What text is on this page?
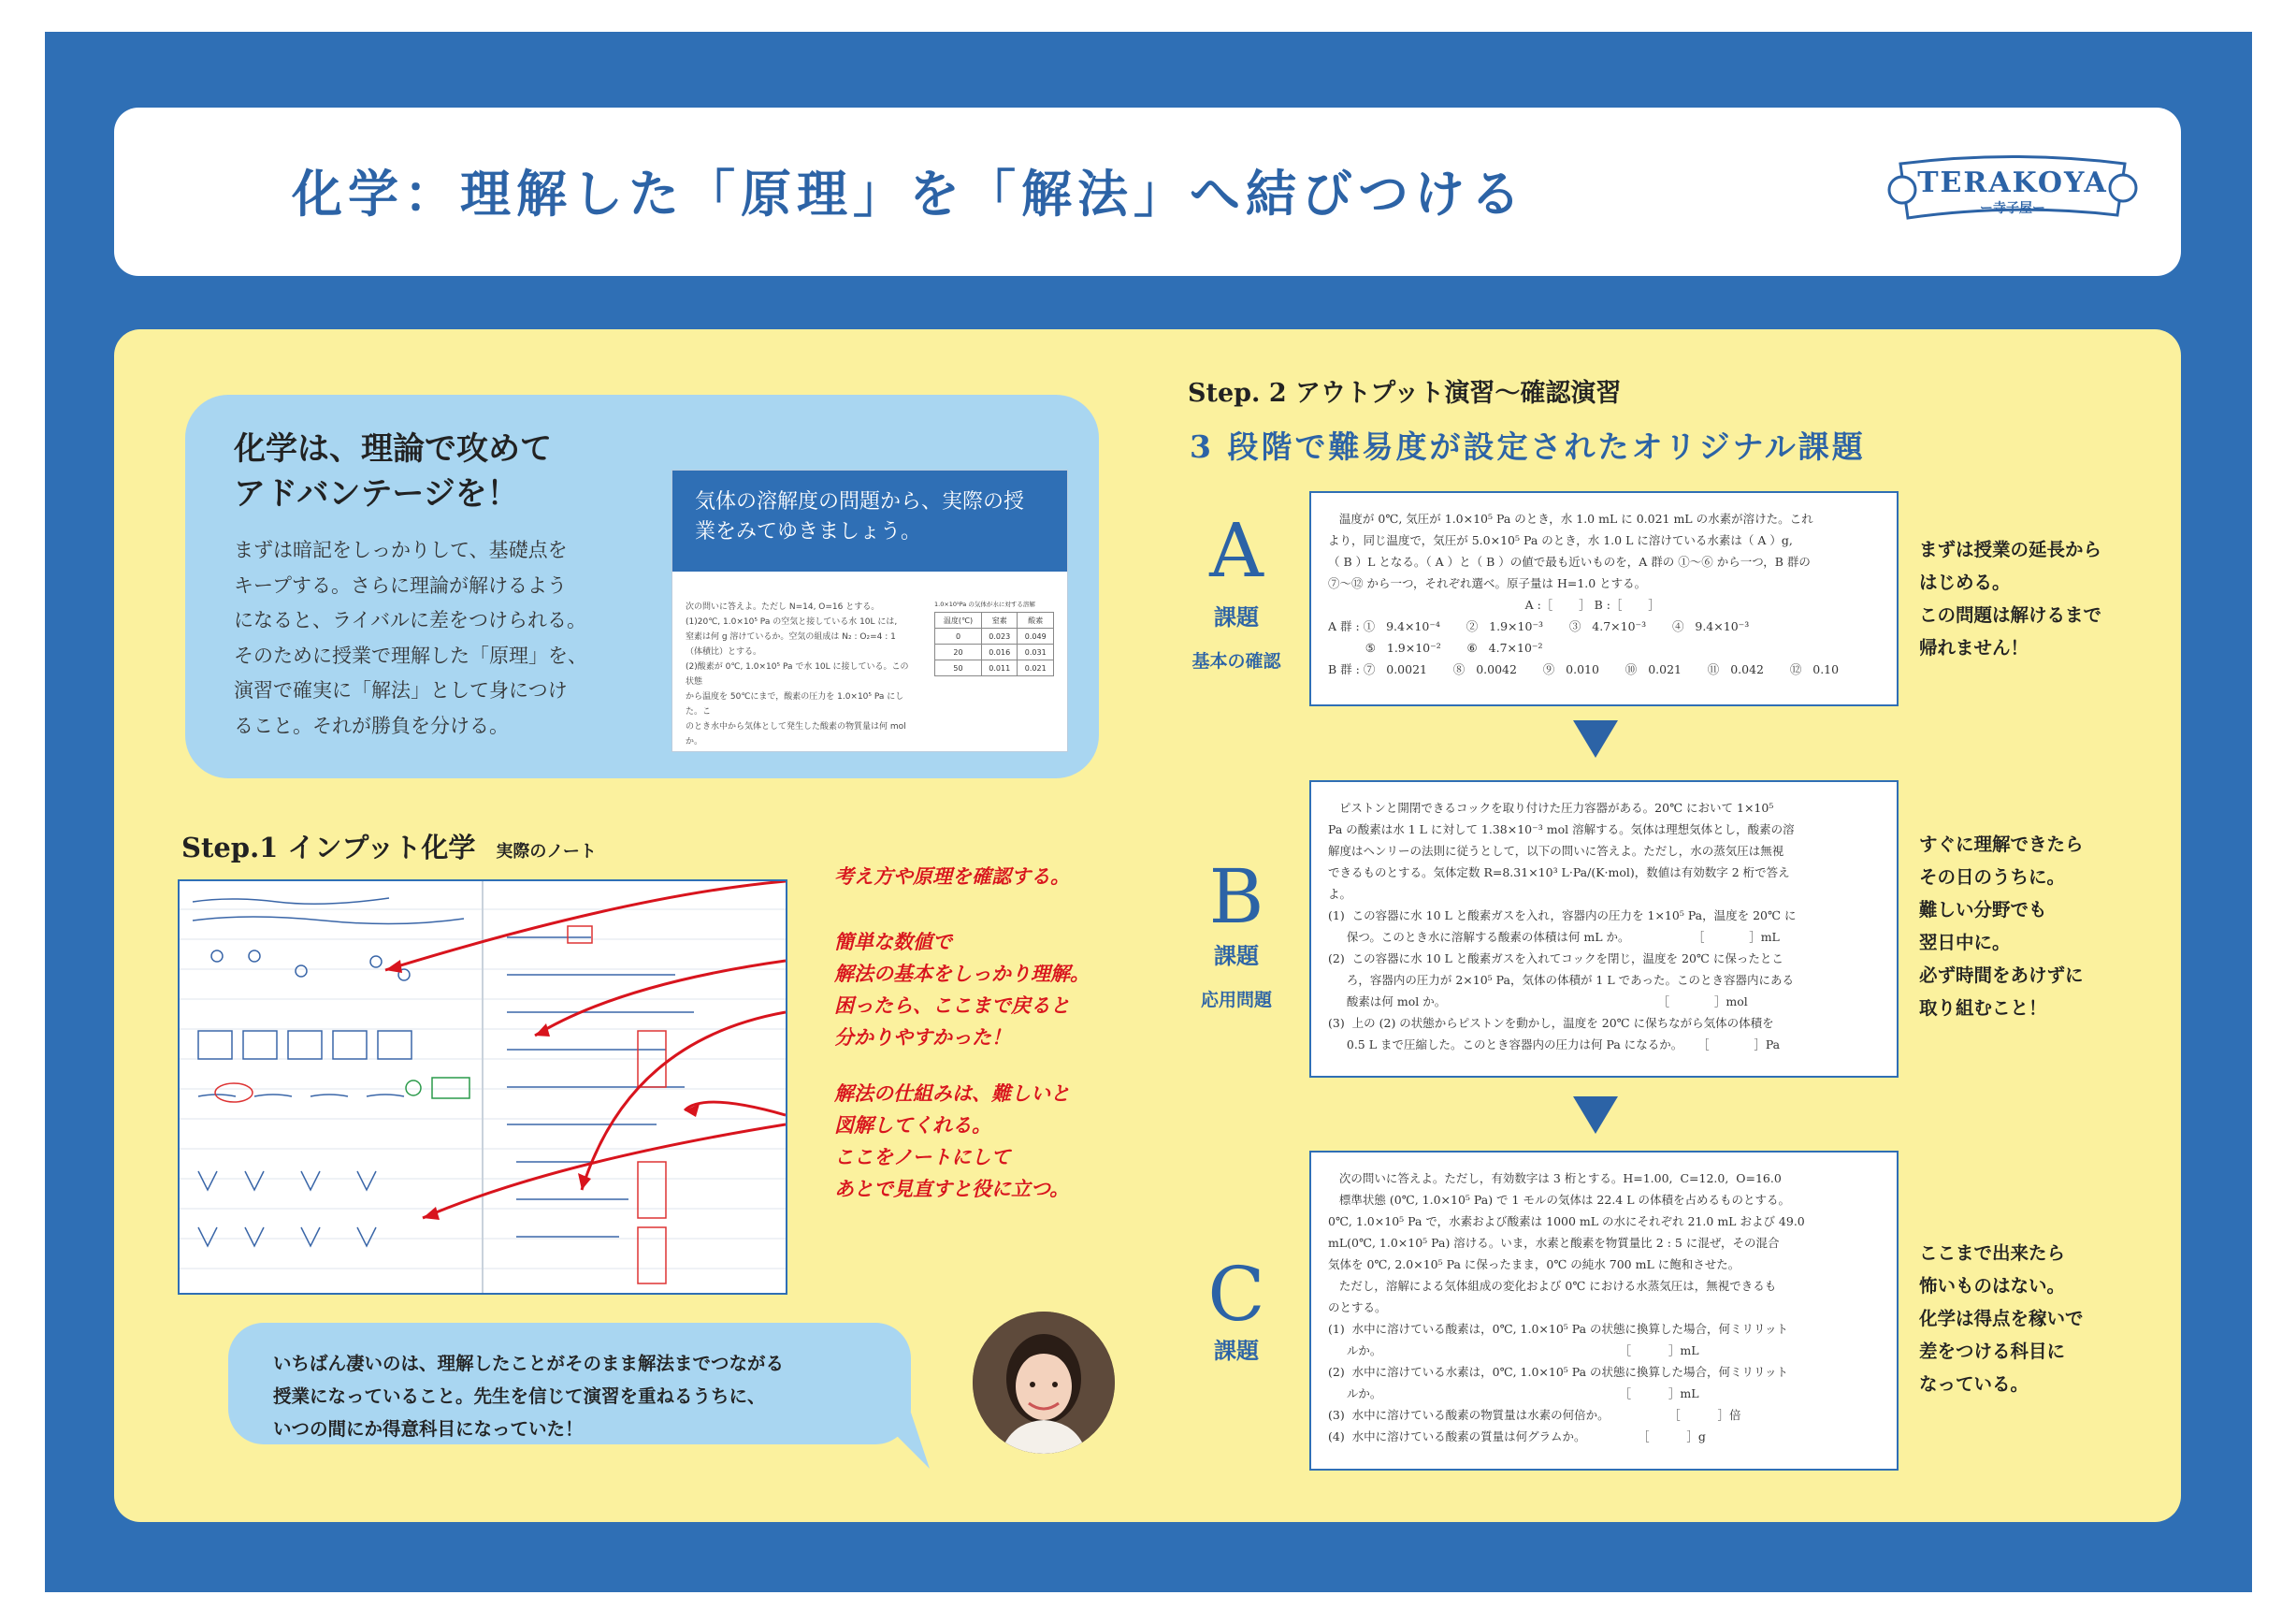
化学：理解した「原理」を「解法」へ結びつける	TERAKOYA
ー寺子屋ー
化学は、理論で攻めて
アドバンテージを！
まずは暗記をしっかりして、基礎点を
キープする。さらに理論が解けるよう
になると、ライバルに差をつけられる。
そのために授業で理解した「原理」を、
演習で確実に「解法」として身につけ
ること。それが勝負を分ける。
気体の溶解度の問題から、実際の授
業をみてゆきましょう。
次の問いに答えよ。ただし N=14, O=16 とする。
(1)20℃, 1.0×10⁵ Pa の空気と接している水 10L には,
窒素は何 g 溶けているか。空気の組成は N₂ : O₂=4 : 1
（体積比）とする。
(2)酸素が 0℃, 1.0×10⁵ Pa で水 10L に接している。この状態
から温度を 50℃にまで，酸素の圧力を 1.0×10⁵ Pa にした。こ
のとき水中から気体として発生した酸素の物質量は何 mol か。
1.0×10⁵Pa の気体が水に対する溶解
温度(℃)	窒素	酸素
0	0.023	0.049
20	0.016	0.031
50	0.011	0.021
Step.1 インプット化学 実際のノート
考え方や原理を確認する。
簡単な数値で
解法の基本をしっかり理解。
困ったら、ここまで戻ると
分かりやすかった！
解法の仕組みは、難しいと
図解してくれる。
ここをノートにして
あとで見直すと役に立つ。
いちばん凄いのは、理解したことがそのまま解法までつながる
授業になっていること。先生を信じて演習を重ねるうちに、
いつの間にか得意科目になっていた！
Step. 2 アウトプット演習〜確認演習
3 段階で難易度が設定されたオリジナル課題
A
課題
基本の確認
温度が 0℃, 気圧が 1.0×10⁵ Pa のとき，水 1.0 mL に 0.021 mL の水素が溶けた。これ
より，同じ温度で，気圧が 5.0×10⁵ Pa のとき，水 1.0 L に溶けている水素は（ A ）g,
（ B ）L となる。（ A ）と（ B ）の値で最も近いものを，A 群の ①〜⑥ から一つ，B 群の
⑦〜⑫ から一つ，それぞれ選べ。原子量は H=1.0 とする。
A :［       ］ B :［       ］
A 群 : ①   9.4×10⁻⁴       ②   1.9×10⁻³       ③   4.7×10⁻³       ④   9.4×10⁻³
⑤   1.9×10⁻²       ⑥   4.7×10⁻²
B 群 : ⑦   0.0021       ⑧   0.0042       ⑨   0.010       ⑩   0.021       ⑪   0.042       ⑫   0.10
まずは授業の延長から
はじめる。
この問題は解けるまで
帰れません！
B
課題
応用問題
ピストンと開閉できるコックを取り付けた圧力容器がある。20℃ において 1×10⁵
Pa の酸素は水 1 L に対して 1.38×10⁻³ mol 溶解する。気体は理想気体とし，酸素の溶
解度はヘンリーの法則に従うとして，以下の問いに答えよ。ただし，水の蒸気圧は無視
できるものとする。気体定数 R=8.31×10³ L·Pa/(K·mol)，数値は有効数字 2 桁で答え
よ。
(1)  この容器に水 10 L と酸素ガスを入れ，容器内の圧力を 1×10⁵ Pa，温度を 20℃ に
保つ。このとき水に溶解する酸素の体積は何 mL か。                 ［            ］mL
(2)  この容器に水 10 L と酸素ガスを入れてコックを閉じ，温度を 20℃ に保ったとこ
ろ，容器内の圧力が 2×10⁵ Pa，気体の体積が 1 L であった。このとき容器内にある
酸素は何 mol か。                                                         ［            ］mol
(3)  上の (2) の状態からピストンを動かし，温度を 20℃ に保ちながら気体の体積を
0.5 L まで圧縮した。このとき容器内の圧力は何 Pa になるか。    ［            ］Pa
すぐに理解できたら
その日のうちに。
難しい分野でも
翌日中に。
必ず時間をあけずに
取り組むこと！
C
課題
次の問いに答えよ。ただし，有効数字は 3 桁とする。H=1.00,  C=12.0,  O=16.0
標準状態 (0℃, 1.0×10⁵ Pa) で 1 モルの気体は 22.4 L の体積を占めるものとする。
0℃, 1.0×10⁵ Pa で，水素および酸素は 1000 mL の水にそれぞれ 21.0 mL および 49.0
mL(0℃, 1.0×10⁵ Pa) 溶ける。いま，水素と酸素を物質量比 2 : 5 に混ぜ，その混合
気体を 0℃, 2.0×10⁵ Pa に保ったまま，0℃ の純水 700 mL に飽和させた。
ただし，溶解による気体組成の変化および 0℃ における水蒸気圧は，無視できるも
のとする。
(1)  水中に溶けている酸素は，0℃, 1.0×10⁵ Pa の状態に換算した場合，何ミリリット
ルか。                                                                ［          ］mL
(2)  水中に溶けている水素は，0℃, 1.0×10⁵ Pa の状態に換算した場合，何ミリリット
ルか。                                                                ［          ］mL
(3)  水中に溶けている酸素の物質量は水素の何倍か。                ［          ］倍
(4)  水中に溶けている酸素の質量は何グラムか。              ［          ］g
ここまで出来たら
怖いものはない。
化学は得点を稼いで
差をつける科目に
なっている。
